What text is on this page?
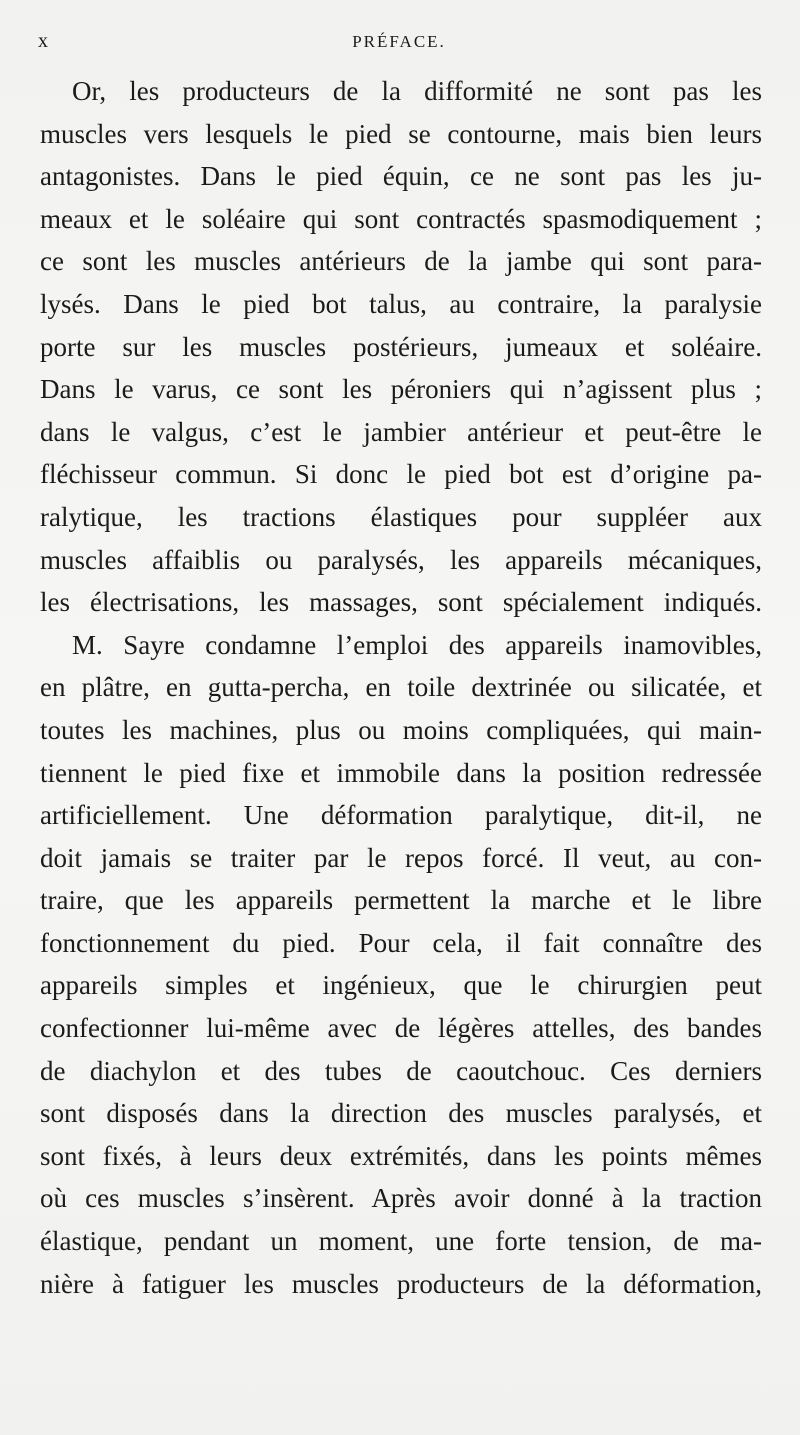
x	PRÉFACE.
Or, les producteurs de la difformité ne sont pas les
muscles vers lesquels le pied se contourne, mais bien leurs
antagonistes. Dans le pied équin, ce ne sont pas les ju-
meaux et le soléaire qui sont contractés spasmodiquement ;
ce sont les muscles antérieurs de la jambe qui sont para-
lysés. Dans le pied bot talus, au contraire, la paralysie
porte sur les muscles postérieurs, jumeaux et soléaire.
Dans le varus, ce sont les péroniers qui n’agissent plus ;
dans le valgus, c’est le jambier antérieur et peut-être le
fléchisseur commun. Si donc le pied bot est d’origine pa-
ralytique, les tractions élastiques pour suppléer aux
muscles affaiblis ou paralysés, les appareils mécaniques,
les électrisations, les massages, sont spécialement indiqués.
M. Sayre condamne l’emploi des appareils inamovibles,
en plâtre, en gutta-percha, en toile dextrinée ou silicatée, et
toutes les machines, plus ou moins compliquées, qui main-
tiennent le pied fixe et immobile dans la position redressée
artificiellement. Une déformation paralytique, dit-il, ne
doit jamais se traiter par le repos forcé. Il veut, au con-
traire, que les appareils permettent la marche et le libre
fonctionnement du pied. Pour cela, il fait connaître des
appareils simples et ingénieux, que le chirurgien peut
confectionner lui-même avec de légères attelles, des bandes
de diachylon et des tubes de caoutchouc. Ces derniers
sont disposés dans la direction des muscles paralysés, et
sont fixés, à leurs deux extrémités, dans les points mêmes
où ces muscles s’insèrent. Après avoir donné à la traction
élastique, pendant un moment, une forte tension, de ma-
nière à fatiguer les muscles producteurs de la déformation,
